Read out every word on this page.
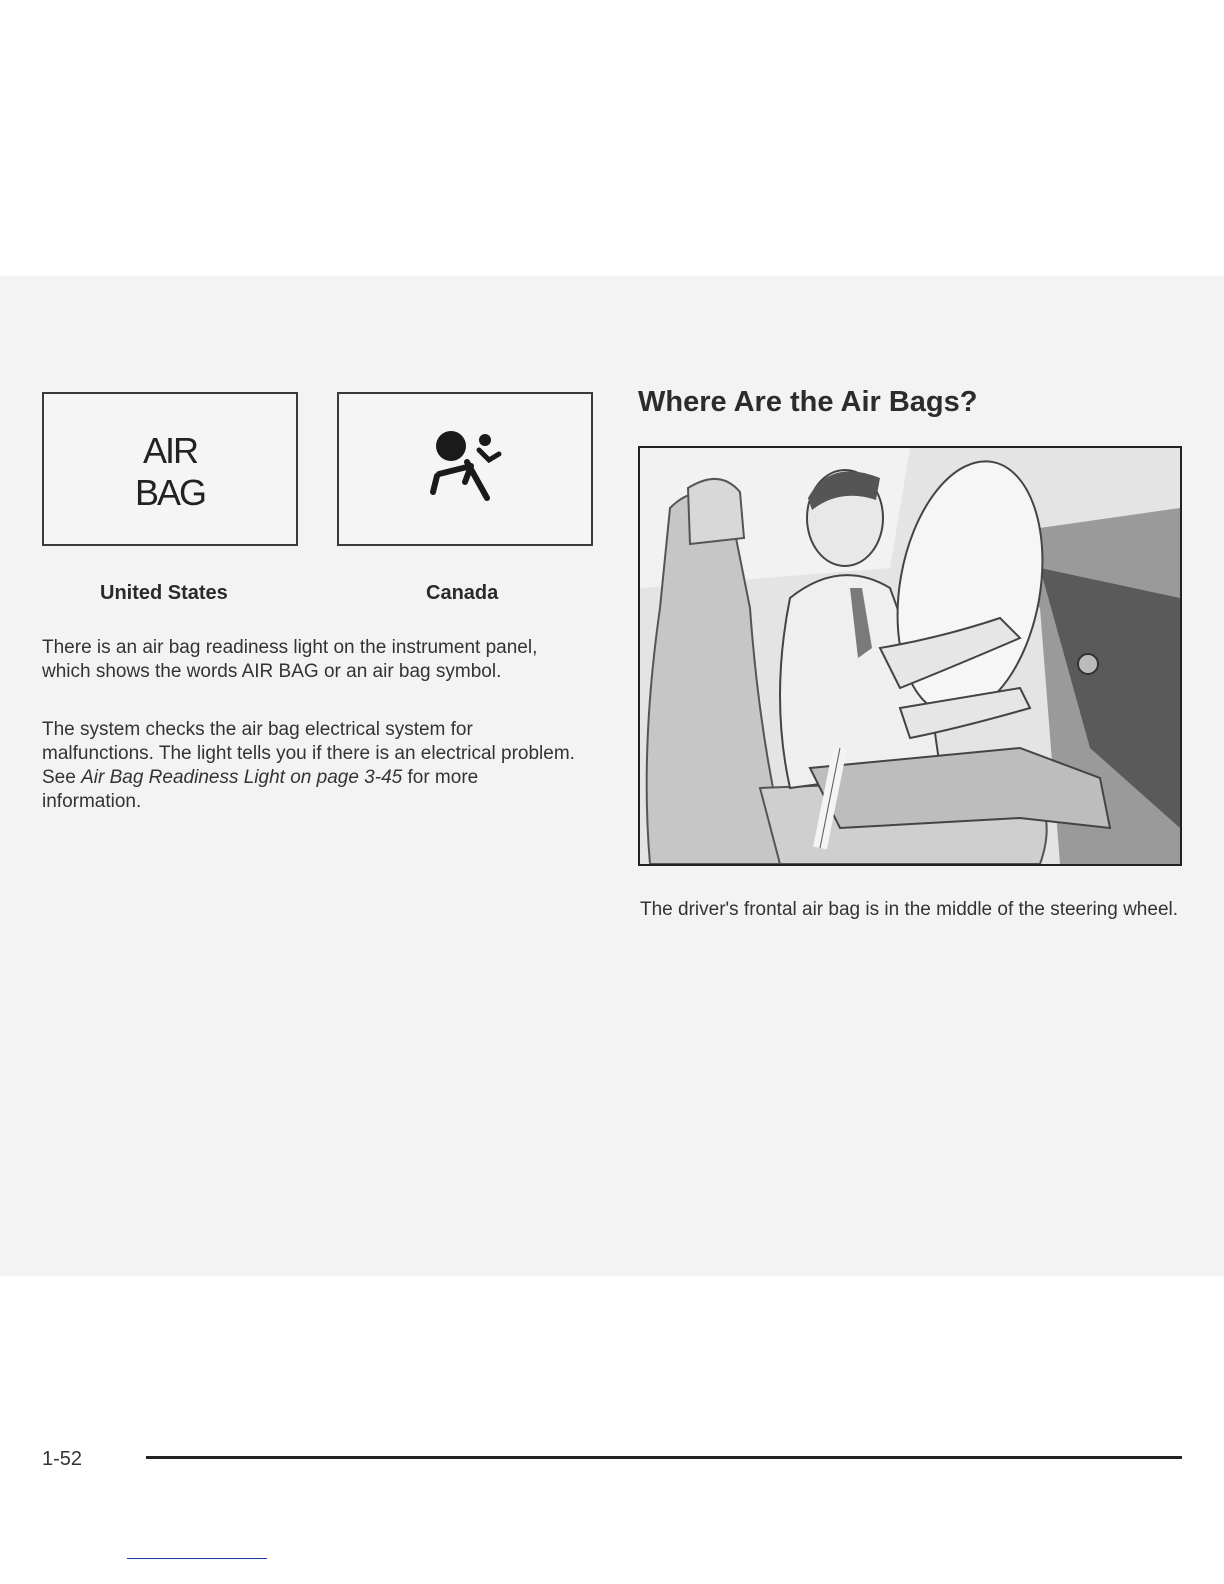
AIR
BAG
United States	Canada
There is an air bag readiness light on the instrument panel, which shows the words AIR BAG or an air bag symbol.
The system checks the air bag electrical system for malfunctions. The light tells you if there is an electrical problem. See Air Bag Readiness Light on page 3-45 for more information.
Where Are the Air Bags?
The driver's frontal air bag is in the middle of the steering wheel.
1-52
